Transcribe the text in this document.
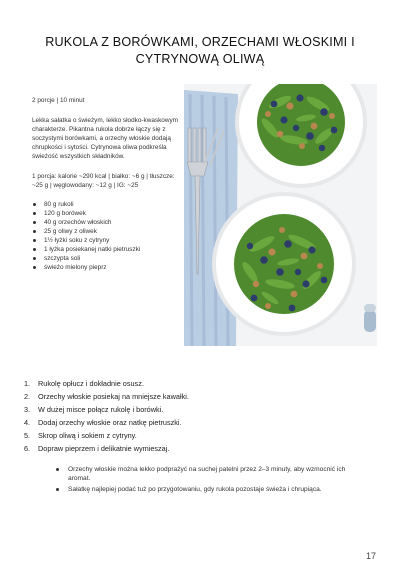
RUKOLA Z BORÓWKAMI, ORZECHAMI WŁOSKIMI I CYTRYNOWĄ OLIWĄ

2 porcje | 10 minut

Lekka sałatka o świeżym, lekko słodko-kwaskowym charakterze. Pikantna rukola dobrze łączy się z soczystymi borówkami, a orzechy włoskie dodają chrupkości i sytości. Cytrynowa oliwa podkreśla świeżość wszystkich składników.

1 porcja: kalorie ~290 kcal | białko: ~6 g | tłuszcze: ~25 g | węglowodany: ~12 g | IG: ~25

80 g rukoli
120 g borówek
40 g orzechów włoskich
25 g oliwy z oliwek
1½ łyżki soku z cytryny
1 łyżka posiekanej natki pietruszki
szczypta soli
świeżo mielony pieprz
1.	Rukolę opłucz i dokładnie osusz.
2.	Orzechy włoskie posiekaj na mniejsze kawałki.
3.	W dużej misce połącz rukolę i borówki.
4.	Dodaj orzechy włoskie oraz natkę pietruszki.
5.	Skrop oliwą i sokiem z cytryny.
6.	Dopraw pieprzem i delikatnie wymieszaj.
Orzechy włoskie można lekko podprażyć na suchej patelni przez 2–3 minuty, aby wzmocnić ich aromat.
Sałatkę najlepiej podać tuż po przygotowaniu, gdy rukola pozostaje świeża i chrupiąca.
17
